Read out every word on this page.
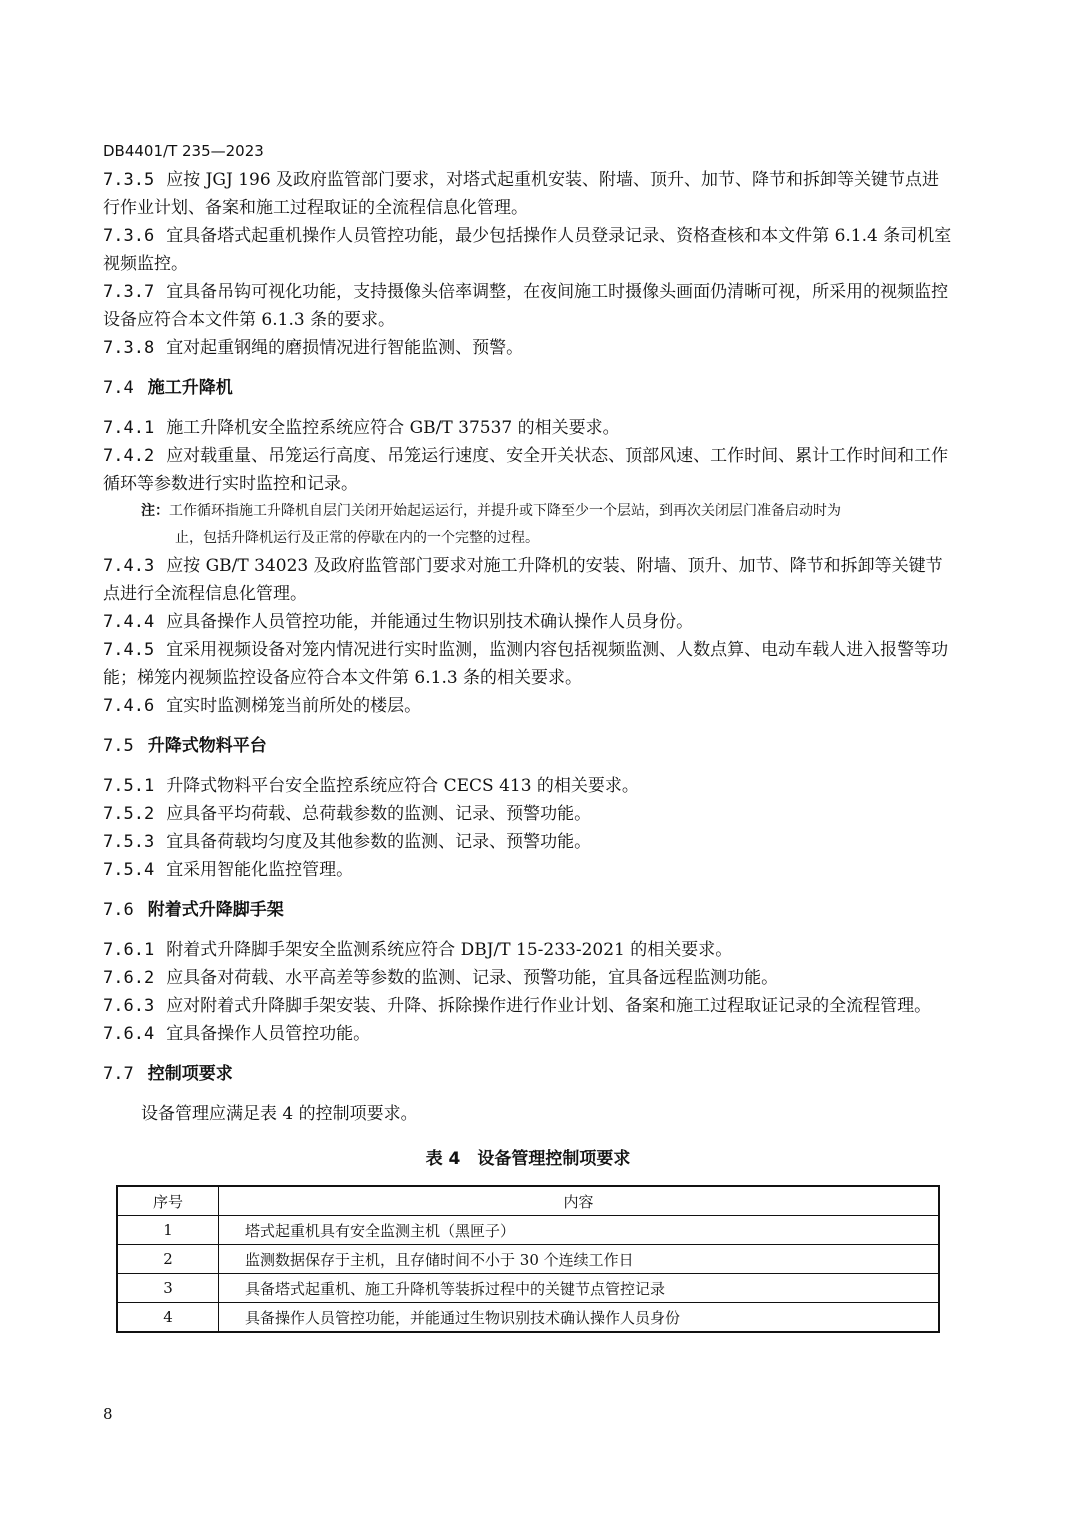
DB4401/T 235—2023

7.3.5 应按 JGJ 196 及政府监管部门要求，对塔式起重机安装、附墙、顶升、加节、降节和拆卸等关键节点进行作业计划、备案和施工过程取证的全流程信息化管理。

7.3.6 宜具备塔式起重机操作人员管控功能，最少包括操作人员登录记录、资格查核和本文件第 6.1.4 条司机室视频监控。

7.3.7 宜具备吊钩可视化功能，支持摄像头倍率调整，在夜间施工时摄像头画面仍清晰可视，所采用的视频监控设备应符合本文件第 6.1.3 条的要求。

7.3.8 宜对起重钢绳的磨损情况进行智能监测、预警。

7.4 施工升降机

7.4.1 施工升降机安全监控系统应符合 GB/T 37537 的相关要求。

7.4.2 应对载重量、吊笼运行高度、吊笼运行速度、安全开关状态、顶部风速、工作时间、累计工作时间和工作循环等参数进行实时监控和记录。

注：工作循环指施工升降机自层门关闭开始起运运行，并提升或下降至少一个层站，到再次关闭层门准备启动时为
止，包括升降机运行及正常的停歇在内的一个完整的过程。

7.4.3 应按 GB/T 34023 及政府监管部门要求对施工升降机的安装、附墙、顶升、加节、降节和拆卸等关键节点进行全流程信息化管理。

7.4.4 应具备操作人员管控功能，并能通过生物识别技术确认操作人员身份。

7.4.5 宜采用视频设备对笼内情况进行实时监测，监测内容包括视频监测、人数点算、电动车载人进入报警等功能；梯笼内视频监控设备应符合本文件第 6.1.3 条的相关要求。

7.4.6 宜实时监测梯笼当前所处的楼层。

7.5 升降式物料平台

7.5.1 升降式物料平台安全监控系统应符合 CECS 413 的相关要求。

7.5.2 应具备平均荷载、总荷载参数的监测、记录、预警功能。

7.5.3 宜具备荷载均匀度及其他参数的监测、记录、预警功能。

7.5.4 宜采用智能化监控管理。

7.6 附着式升降脚手架

7.6.1 附着式升降脚手架安全监测系统应符合 DBJ/T 15-233-2021 的相关要求。

7.6.2 应具备对荷载、水平高差等参数的监测、记录、预警功能，宜具备远程监测功能。

7.6.3 应对附着式升降脚手架安装、升降、拆除操作进行作业计划、备案和施工过程取证记录的全流程管理。

7.6.4 宜具备操作人员管控功能。

7.7 控制项要求

设备管理应满足表 4 的控制项要求。

表 4　设备管理控制项要求
序号	内容
1	塔式起重机具有安全监测主机（黑匣子）
2	监测数据保存于主机，且存储时间不小于 30 个连续工作日
3	具备塔式起重机、施工升降机等装拆过程中的关键节点管控记录
4	具备操作人员管控功能，并能通过生物识别技术确认操作人员身份
8
